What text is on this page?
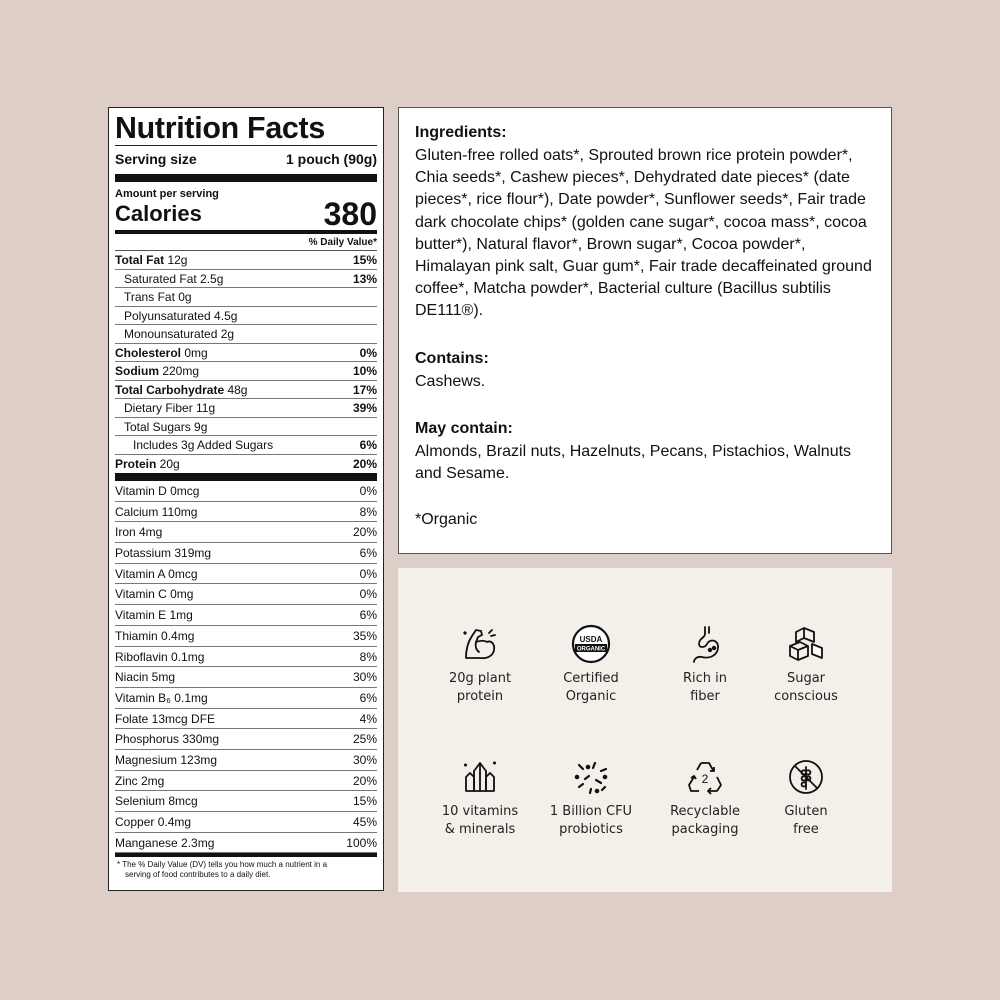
Nutrition Facts
Serving size	1 pouch (90g)
Amount per serving
Calories	380
% Daily Value*
Total Fat 12g	15%
Saturated Fat 2.5g	13%
Trans Fat 0g
Polyunsaturated 4.5g
Monounsaturated 2g
Cholesterol 0mg	0%
Sodium 220mg	10%
Total Carbohydrate 48g	17%
Dietary Fiber 11g	39%
Total Sugars 9g
Includes 3g Added Sugars	6%
Protein 20g	20%
Vitamin D 0mcg	0%
Calcium 110mg	8%
Iron 4mg	20%
Potassium 319mg	6%
Vitamin A 0mcg	0%
Vitamin C 0mg	0%
Vitamin E 1mg	6%
Thiamin 0.4mg	35%
Riboflavin 0.1mg	8%
Niacin 5mg	30%
Vitamin B₆ 0.1mg	6%
Folate 13mcg DFE	4%
Phosphorus 330mg	25%
Magnesium 123mg	30%
Zinc 2mg	20%
Selenium 8mcg	15%
Copper 0.4mg	45%
Manganese 2.3mg	100%
* The % Daily Value (DV) tells you how much a nutrient in a
serving of food contributes to a daily diet.
Ingredients:

Gluten-free rolled oats*, Sprouted brown rice protein powder*, Chia seeds*, Cashew pieces*, Dehydrated date pieces* (date pieces*, rice flour*), Date powder*, Sunflower seeds*, Fair trade dark chocolate chips* (golden cane sugar*, cocoa mass*, cocoa butter*), Natural flavor*, Brown sugar*, Cocoa powder*, Himalayan pink salt, Guar gum*, Fair trade decaffeinated ground coffee*, Matcha powder*, Bacterial culture (Bacillus subtilis DE111®).

Contains:

Cashews.

May contain:

Almonds, Brazil nuts, Hazelnuts, Pecans, Pistachios, Walnuts and Sesame.

*Organic

20g plant
protein
USDA
ORGANIC
Certified
Organic
Rich in
fiber
Sugar
conscious
10 vitamins
& minerals
1 Billion CFU
probiotics
2
Recyclable
packaging
Gluten
free
